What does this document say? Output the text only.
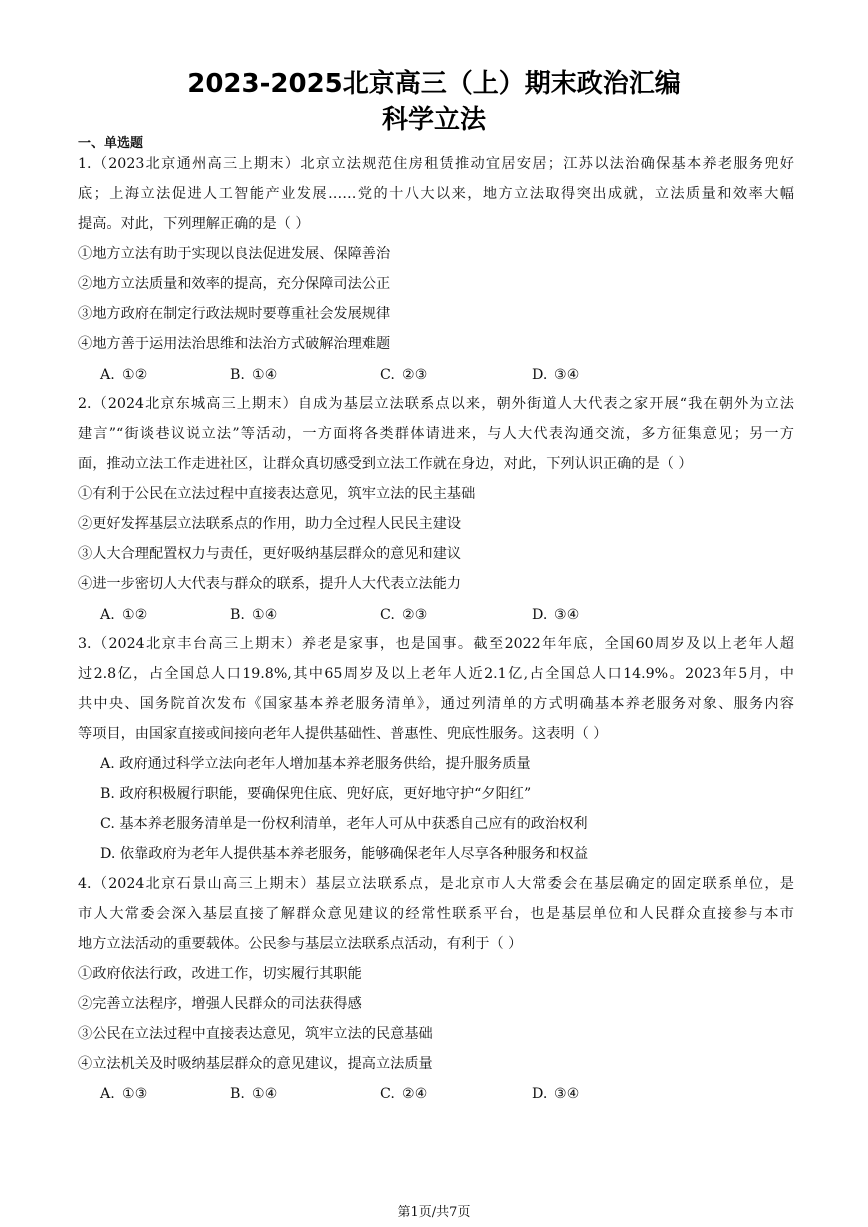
2023-2025北京高三（上）期末政治汇编
科学立法
一、单选题
1.（2023北京通州高三上期末）北京立法规范住房租赁推动宜居安居；江苏以法治确保基本养老服务兜好
底；上海立法促进人工智能产业发展……党的十八大以来，地方立法取得突出成就，立法质量和效率大幅
提高。对此，下列理解正确的是（ ）
①地方立法有助于实现以良法促进发展、保障善治
②地方立法质量和效率的提高，充分保障司法公正
③地方政府在制定行政法规时要尊重社会发展规律
④地方善于运用法治思维和法治方式破解治理难题
A. ①②	B. ①④	C. ②③	D. ③④
2.（2024北京东城高三上期末）自成为基层立法联系点以来，朝外街道人大代表之家开展“我在朝外为立法
建言”“街谈巷议说立法”等活动，一方面将各类群体请进来，与人大代表沟通交流，多方征集意见；另一方
面，推动立法工作走进社区，让群众真切感受到立法工作就在身边，对此，下列认识正确的是（ ）
①有利于公民在立法过程中直接表达意见，筑牢立法的民主基础
②更好发挥基层立法联系点的作用，助力全过程人民民主建设
③人大合理配置权力与责任，更好吸纳基层群众的意见和建议
④进一步密切人大代表与群众的联系，提升人大代表立法能力
A. ①②	B. ①④	C. ②③	D. ③④
3.（2024北京丰台高三上期末）养老是家事，也是国事。截至2022年年底，全国60周岁及以上老年人超
过2.8亿，占全国总人口19.8%,其中65周岁及以上老年人近2.1亿,占全国总人口14.9%。2023年5月，中
共中央、国务院首次发布《国家基本养老服务清单》，通过列清单的方式明确基本养老服务对象、服务内容
等项目，由国家直接或间接向老年人提供基础性、普惠性、兜底性服务。这表明（ ）
A. 政府通过科学立法向老年人增加基本养老服务供给，提升服务质量
B. 政府积极履行职能，要确保兜住底、兜好底，更好地守护“夕阳红”
C. 基本养老服务清单是一份权利清单，老年人可从中获悉自己应有的政治权利
D. 依靠政府为老年人提供基本养老服务，能够确保老年人尽享各种服务和权益
4.（2024北京石景山高三上期末）基层立法联系点，是北京市人大常委会在基层确定的固定联系单位，是
市人大常委会深入基层直接了解群众意见建议的经常性联系平台，也是基层单位和人民群众直接参与本市
地方立法活动的重要载体。公民参与基层立法联系点活动，有利于（ ）
①政府依法行政，改进工作，切实履行其职能
②完善立法程序，增强人民群众的司法获得感
③公民在立法过程中直接表达意见，筑牢立法的民意基础
④立法机关及时吸纳基层群众的意见建议，提高立法质量
A. ①③	B. ①④	C. ②④	D. ③④
第1页/共7页
